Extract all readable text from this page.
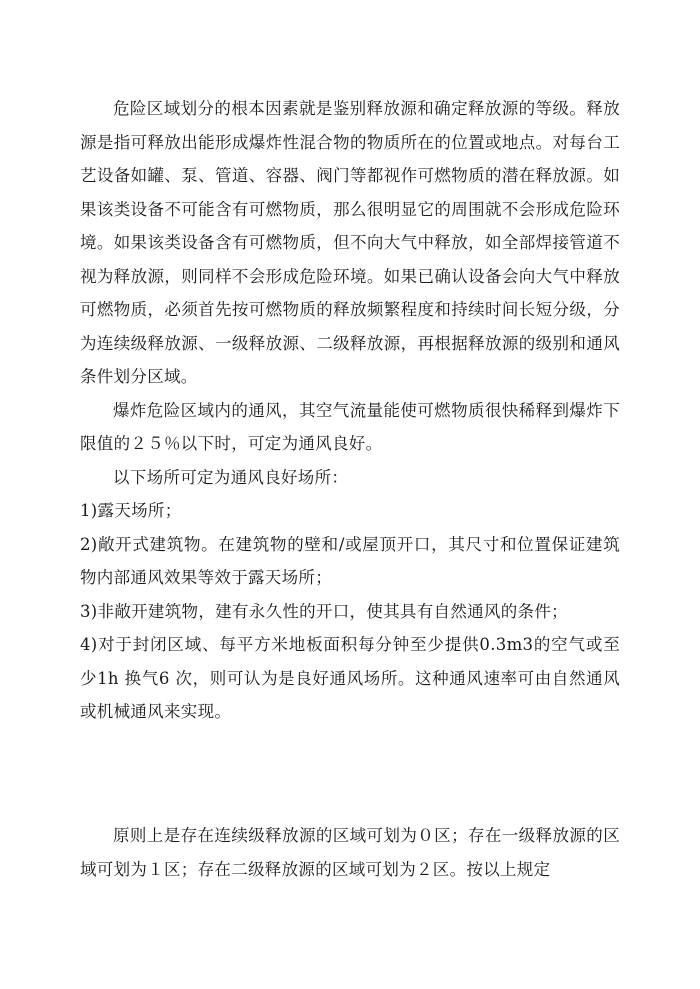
危险区域划分的根本因素就是鉴别释放源和确定释放源的等级。释放源是指可释放出能形成爆炸性混合物的物质所在的位置或地点。对每台工艺设备如罐、泵、管道、容器、阀门等都视作可燃物质的潜在释放源。如果该类设备不可能含有可燃物质，那么很明显它的周围就不会形成危险环境。如果该类设备含有可燃物质，但不向大气中释放，如全部焊接管道不视为释放源，则同样不会形成危险环境。如果已确认设备会向大气中释放可燃物质，必须首先按可燃物质的释放频繁程度和持续时间长短分级，分为连续级释放源、一级释放源、二级释放源，再根据释放源的级别和通风条件划分区域。

爆炸危险区域内的通风，其空气流量能使可燃物质很快稀释到爆炸下限值的２５％以下时，可定为通风良好。

以下场所可定为通风良好场所：

1)露天场所；

2)敞开式建筑物。在建筑物的壁和/或屋顶开口，其尺寸和位置保证建筑物内部通风效果等效于露天场所；

3)非敞开建筑物，建有永久性的开口，使其具有自然通风的条件；

4)对于封闭区域、每平方米地板面积每分钟至少提供0.3m3的空气或至少1h 换气6 次，则可认为是良好通风场所。这种通风速率可由自然通风或机械通风来实现。

原则上是存在连续级释放源的区域可划为０区；存在一级释放源的区域可划为１区；存在二级释放源的区域可划为２区。按以上规定
